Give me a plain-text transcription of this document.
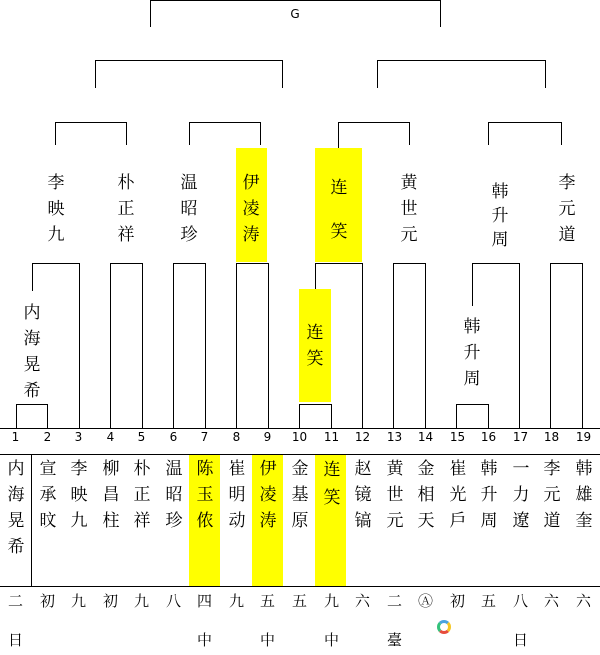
G
李
映
九
朴
正
祥
温
昭
珍
伊
凌
涛
连
笑
黄
世
元
韩
升
周
李
元
道
内
海
晃
希
连
笑
韩
升
周
1
内
海
晃
希
二
日
2
宣
承
旼
初
3
李
映
九
九
4
柳
昌
柱
初
5
朴
正
祥
九
6
温
昭
珍
八
7
陈
玉
侬
四
中
8
崔
明
动
九
9
伊
凌
涛
五
中
10
金
基
原
五
11
连
笑
九
中
12
赵
镜
镐
六
13
黄
世
元
二
臺
14
金
相
天
Ⓐ
15
崔
光
戶
初
16
韩
升
周
五
17
一
力
遼
八
日
18
李
元
道
六
19
韩
雄
奎
六
